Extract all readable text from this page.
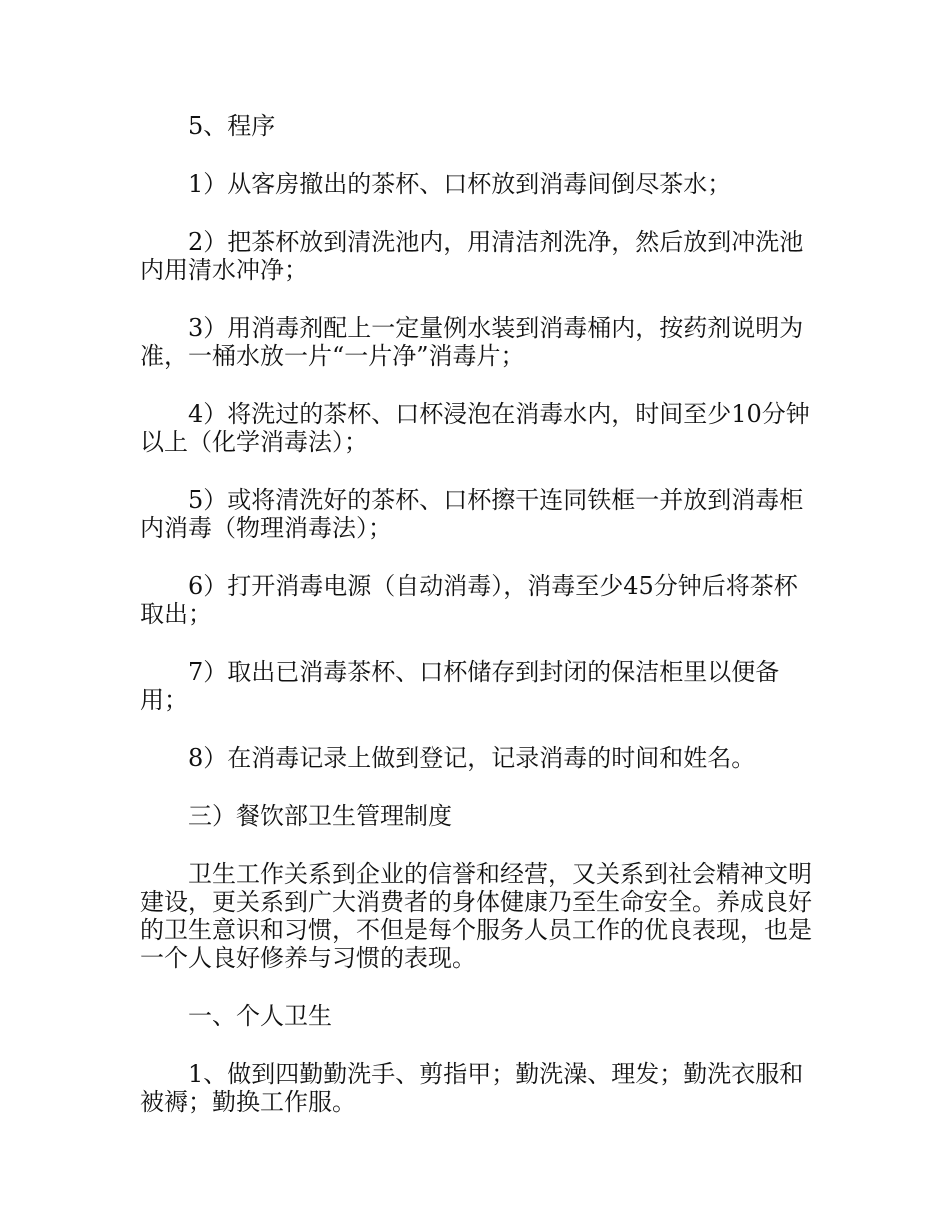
5、程序

1）从客房撤出的茶杯、口杯放到消毒间倒尽茶水；

2）把茶杯放到清洗池内，用清洁剂洗净，然后放到冲洗池内用清水冲净；

3）用消毒剂配上一定量例水装到消毒桶内，按药剂说明为准，一桶水放一片“一片净”消毒片；

4）将洗过的茶杯、口杯浸泡在消毒水内，时间至少10分钟以上（化学消毒法）；

5）或将清洗好的茶杯、口杯擦干连同铁框一并放到消毒柜内消毒（物理消毒法）；

6）打开消毒电源（自动消毒），消毒至少45分钟后将茶杯取出；

7）取出已消毒茶杯、口杯储存到封闭的保洁柜里以便备用；

8）在消毒记录上做到登记，记录消毒的时间和姓名。

三）餐饮部卫生管理制度

卫生工作关系到企业的信誉和经营，又关系到社会精神文明建设，更关系到广大消费者的身体健康乃至生命安全。养成良好的卫生意识和习惯，不但是每个服务人员工作的优良表现，也是一个人良好修养与习惯的表现。

一、个人卫生

1、做到四勤勤洗手、剪指甲；勤洗澡、理发；勤洗衣服和被褥；勤换工作服。
